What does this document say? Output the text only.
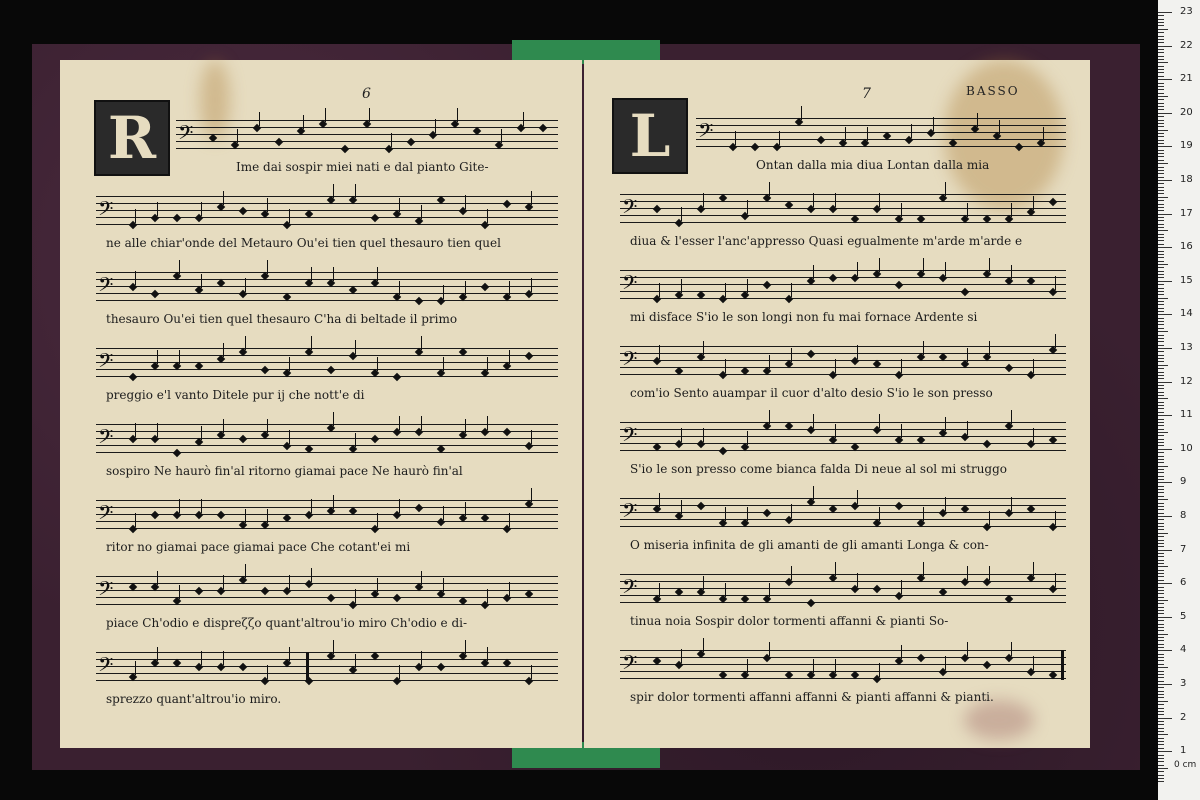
6
R 𝄢
Ime dai sospir miei nati e dal pianto Gite-
𝄢
ne alle chiar'onde del Metauro Ou'ei tien quel thesauro tien quel
𝄢
thesauro Ou'ei tien quel thesauro C'ha di beltade il primo
𝄢
preggio e'l vanto Ditele pur ij che nott'e di
𝄢
sospiro Ne haurò fin'al ritorno giamai pace Ne haurò fin'al
𝄢
ritor no giamai pace giamai pace Che cotant'ei mi
𝄢
piace Ch'odio e dispreζζo quant'altrou'io miro Ch'odio e di-
𝄢
sprezzo quant'altrou'io miro.
7	BASSO
L	𝄢
Ontan dalla mia diua Lontan dalla mia
𝄢
diua & l'esser l'anc'appresso Quasi egualmente m'arde m'arde e
𝄢
mi disface S'io le son longi non fu mai fornace Ardente si
𝄢
com'io Sento auampar il cuor d'alto desio S'io le son presso
𝄢
S'io le son presso come bianca falda Di neue al sol mi struggo
𝄢
O miseria infinita de gli amanti de gli amanti Longa & con-
𝄢
tinua noia Sospir dolor tormenti affanni & pianti So-
𝄢
spir dolor tormenti affanni affanni & pianti affanni & pianti.
0 cm
23
22
21
20
19
18
17
16
15
14
13
12
11
10
9
8
7
6
5
4
3
2
1
